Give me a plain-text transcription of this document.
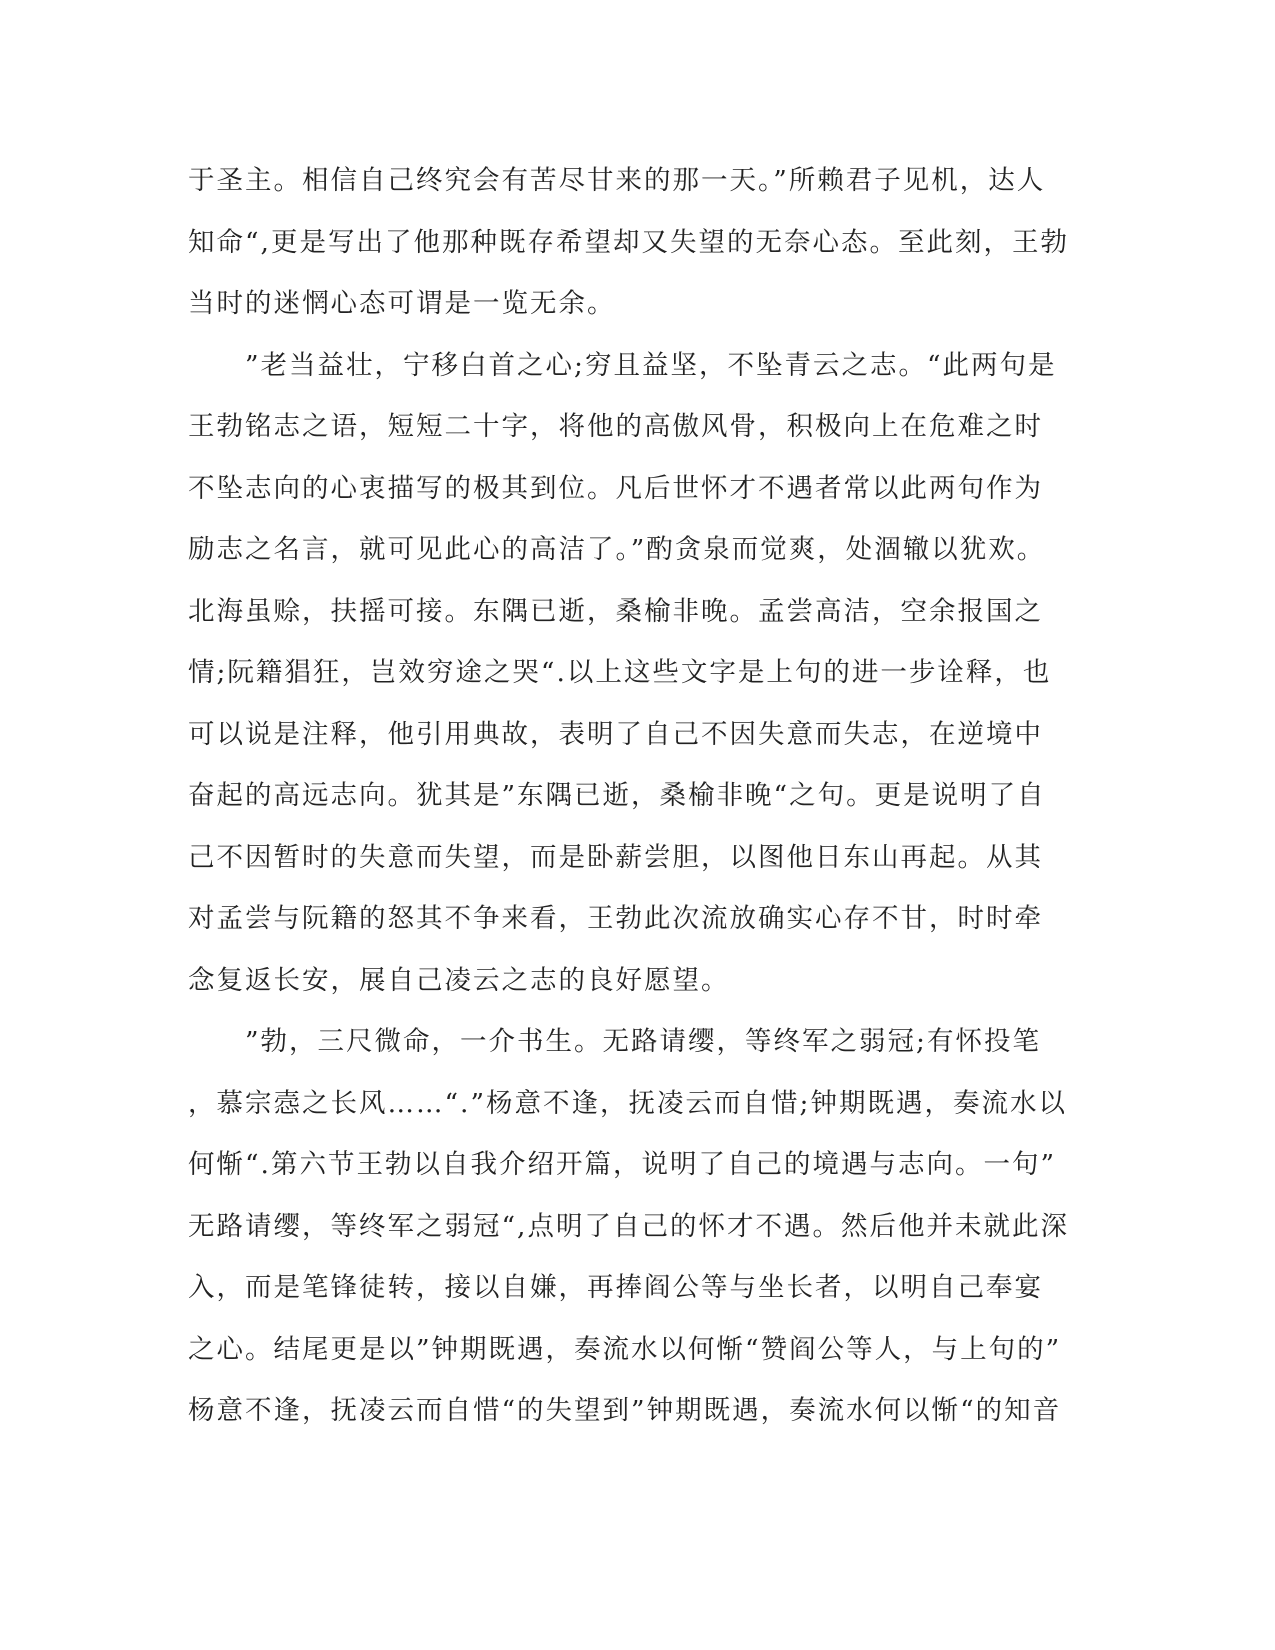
于圣主。相信自己终究会有苦尽甘来的那一天。”所赖君子见机，达人
知命“,更是写出了他那种既存希望却又失望的无奈心态。至此刻，王勃
当时的迷惘心态可谓是一览无余。
　　”老当益壮，宁移白首之心;穷且益坚，不坠青云之志。“此两句是
王勃铭志之语，短短二十字，将他的高傲风骨，积极向上在危难之时
不坠志向的心衷描写的极其到位。凡后世怀才不遇者常以此两句作为
励志之名言，就可见此心的高洁了。”酌贪泉而觉爽，处涸辙以犹欢。
北海虽赊，扶摇可接。东隅已逝，桑榆非晚。孟尝高洁，空余报国之
情;阮籍猖狂，岂效穷途之哭“.以上这些文字是上句的进一步诠释，也
可以说是注释，他引用典故，表明了自己不因失意而失志，在逆境中
奋起的高远志向。犹其是”东隅已逝，桑榆非晚“之句。更是说明了自
己不因暂时的失意而失望，而是卧薪尝胆，以图他日东山再起。从其
对孟尝与阮籍的怒其不争来看，王勃此次流放确实心存不甘，时时牵
念复返长安，展自己凌云之志的良好愿望。
　　”勃，三尺微命，一介书生。无路请缨，等终军之弱冠;有怀投笔
，慕宗悫之长风……“.”杨意不逢，抚凌云而自惜;钟期既遇，奏流水以
何惭“.第六节王勃以自我介绍开篇，说明了自己的境遇与志向。一句”
无路请缨，等终军之弱冠“,点明了自己的怀才不遇。然后他并未就此深
入，而是笔锋徒转，接以自嫌，再捧阎公等与坐长者，以明自己奉宴
之心。结尾更是以”钟期既遇，奏流水以何惭“赞阎公等人，与上句的”
杨意不逢，抚凌云而自惜“的失望到”钟期既遇，奏流水何以惭“的知音
